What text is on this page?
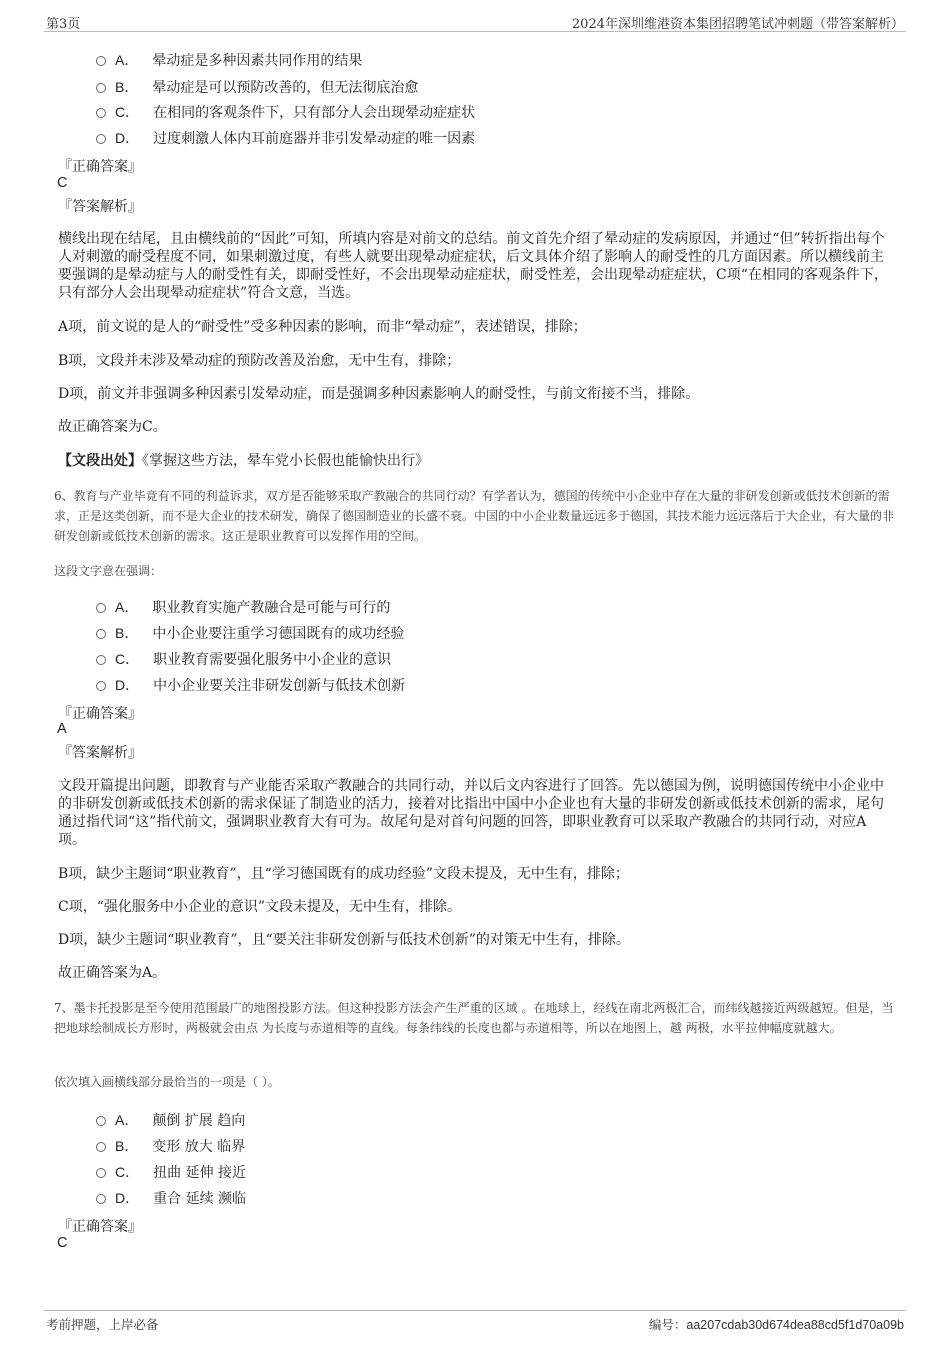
第3页	2024年深圳维港资本集团招聘笔试冲刺题（带答案解析）
A． 晕动症是多种因素共同作用的结果
B． 晕动症是可以预防改善的，但无法彻底治愈
C． 在相同的客观条件下，只有部分人会出现晕动症症状
D． 过度刺激人体内耳前庭器并非引发晕动症的唯一因素
『正确答案』
C
『答案解析』
横线出现在结尾，且由横线前的“因此”可知，所填内容是对前文的总结。前文首先介绍了晕动症的发病原因，并通过“但”转折指出每个人对刺激的耐受程度不同，如果刺激过度，有些人就要出现晕动症症状，后文具体介绍了影响人的耐受性的几方面因素。所以横线前主要强调的是晕动症与人的耐受性有关，即耐受性好，不会出现晕动症症状，耐受性差，会出现晕动症症状，C项“在相同的客观条件下，只有部分人会出现晕动症症状”符合文意，当选。
A项，前文说的是人的“耐受性”受多种因素的影响，而非“晕动症”，表述错误，排除；
B项，文段并未涉及晕动症的预防改善及治愈，无中生有，排除；
D项，前文并非强调多种因素引发晕动症，而是强调多种因素影响人的耐受性，与前文衔接不当，排除。
故正确答案为C。
【文段出处】《掌握这些方法，晕车党小长假也能愉快出行》
6、教育与产业毕竟有不同的利益诉求，双方是否能够采取产教融合的共同行动？有学者认为，德国的传统中小企业中存在大量的非研发创新或低技术创新的需求，正是这类创新，而不是大企业的技术研发，确保了德国制造业的长盛不衰。中国的中小企业数量远远多于德国，其技术能力远远落后于大企业，有大量的非研发创新或低技术创新的需求。这正是职业教育可以发挥作用的空间。
这段文字意在强调：
A． 职业教育实施产教融合是可能与可行的
B． 中小企业要注重学习德国既有的成功经验
C． 职业教育需要强化服务中小企业的意识
D． 中小企业要关注非研发创新与低技术创新
『正确答案』
A
『答案解析』
文段开篇提出问题，即教育与产业能否采取产教融合的共同行动，并以后文内容进行了回答。先以德国为例，说明德国传统中小企业中的非研发创新或低技术创新的需求保证了制造业的活力，接着对比指出中国中小企业也有大量的非研发创新或低技术创新的需求，尾句通过指代词“这”指代前文，强调职业教育大有可为。故尾句是对首句问题的回答，即职业教育可以采取产教融合的共同行动，对应A项。
B项，缺少主题词“职业教育”，且“学习德国既有的成功经验”文段未提及，无中生有，排除；
C项，“强化服务中小企业的意识”文段未提及，无中生有，排除。
D项，缺少主题词“职业教育”，且“要关注非研发创新与低技术创新”的对策无中生有，排除。
故正确答案为A。
7、墨卡托投影是至今使用范围最广的地图投影方法。但这种投影方法会产生严重的区域 。在地球上，经线在南北两极汇合，而纬线越接近两级越短。但是，当把地球绘制成长方形时，两极就会由点 为长度与赤道相等的直线。每条纬线的长度也都与赤道相等，所以在地图上，越 两极，水平拉伸幅度就越大。
依次填入画横线部分最恰当的一项是（ ）。
A． 颠倒 扩展 趋向
B． 变形 放大 临界
C． 扭曲 延伸 接近
D． 重合 延续 濒临
『正确答案』
C
考前押题，上岸必备	编号：aa207cdab30d674dea88cd5f1d70a09b
